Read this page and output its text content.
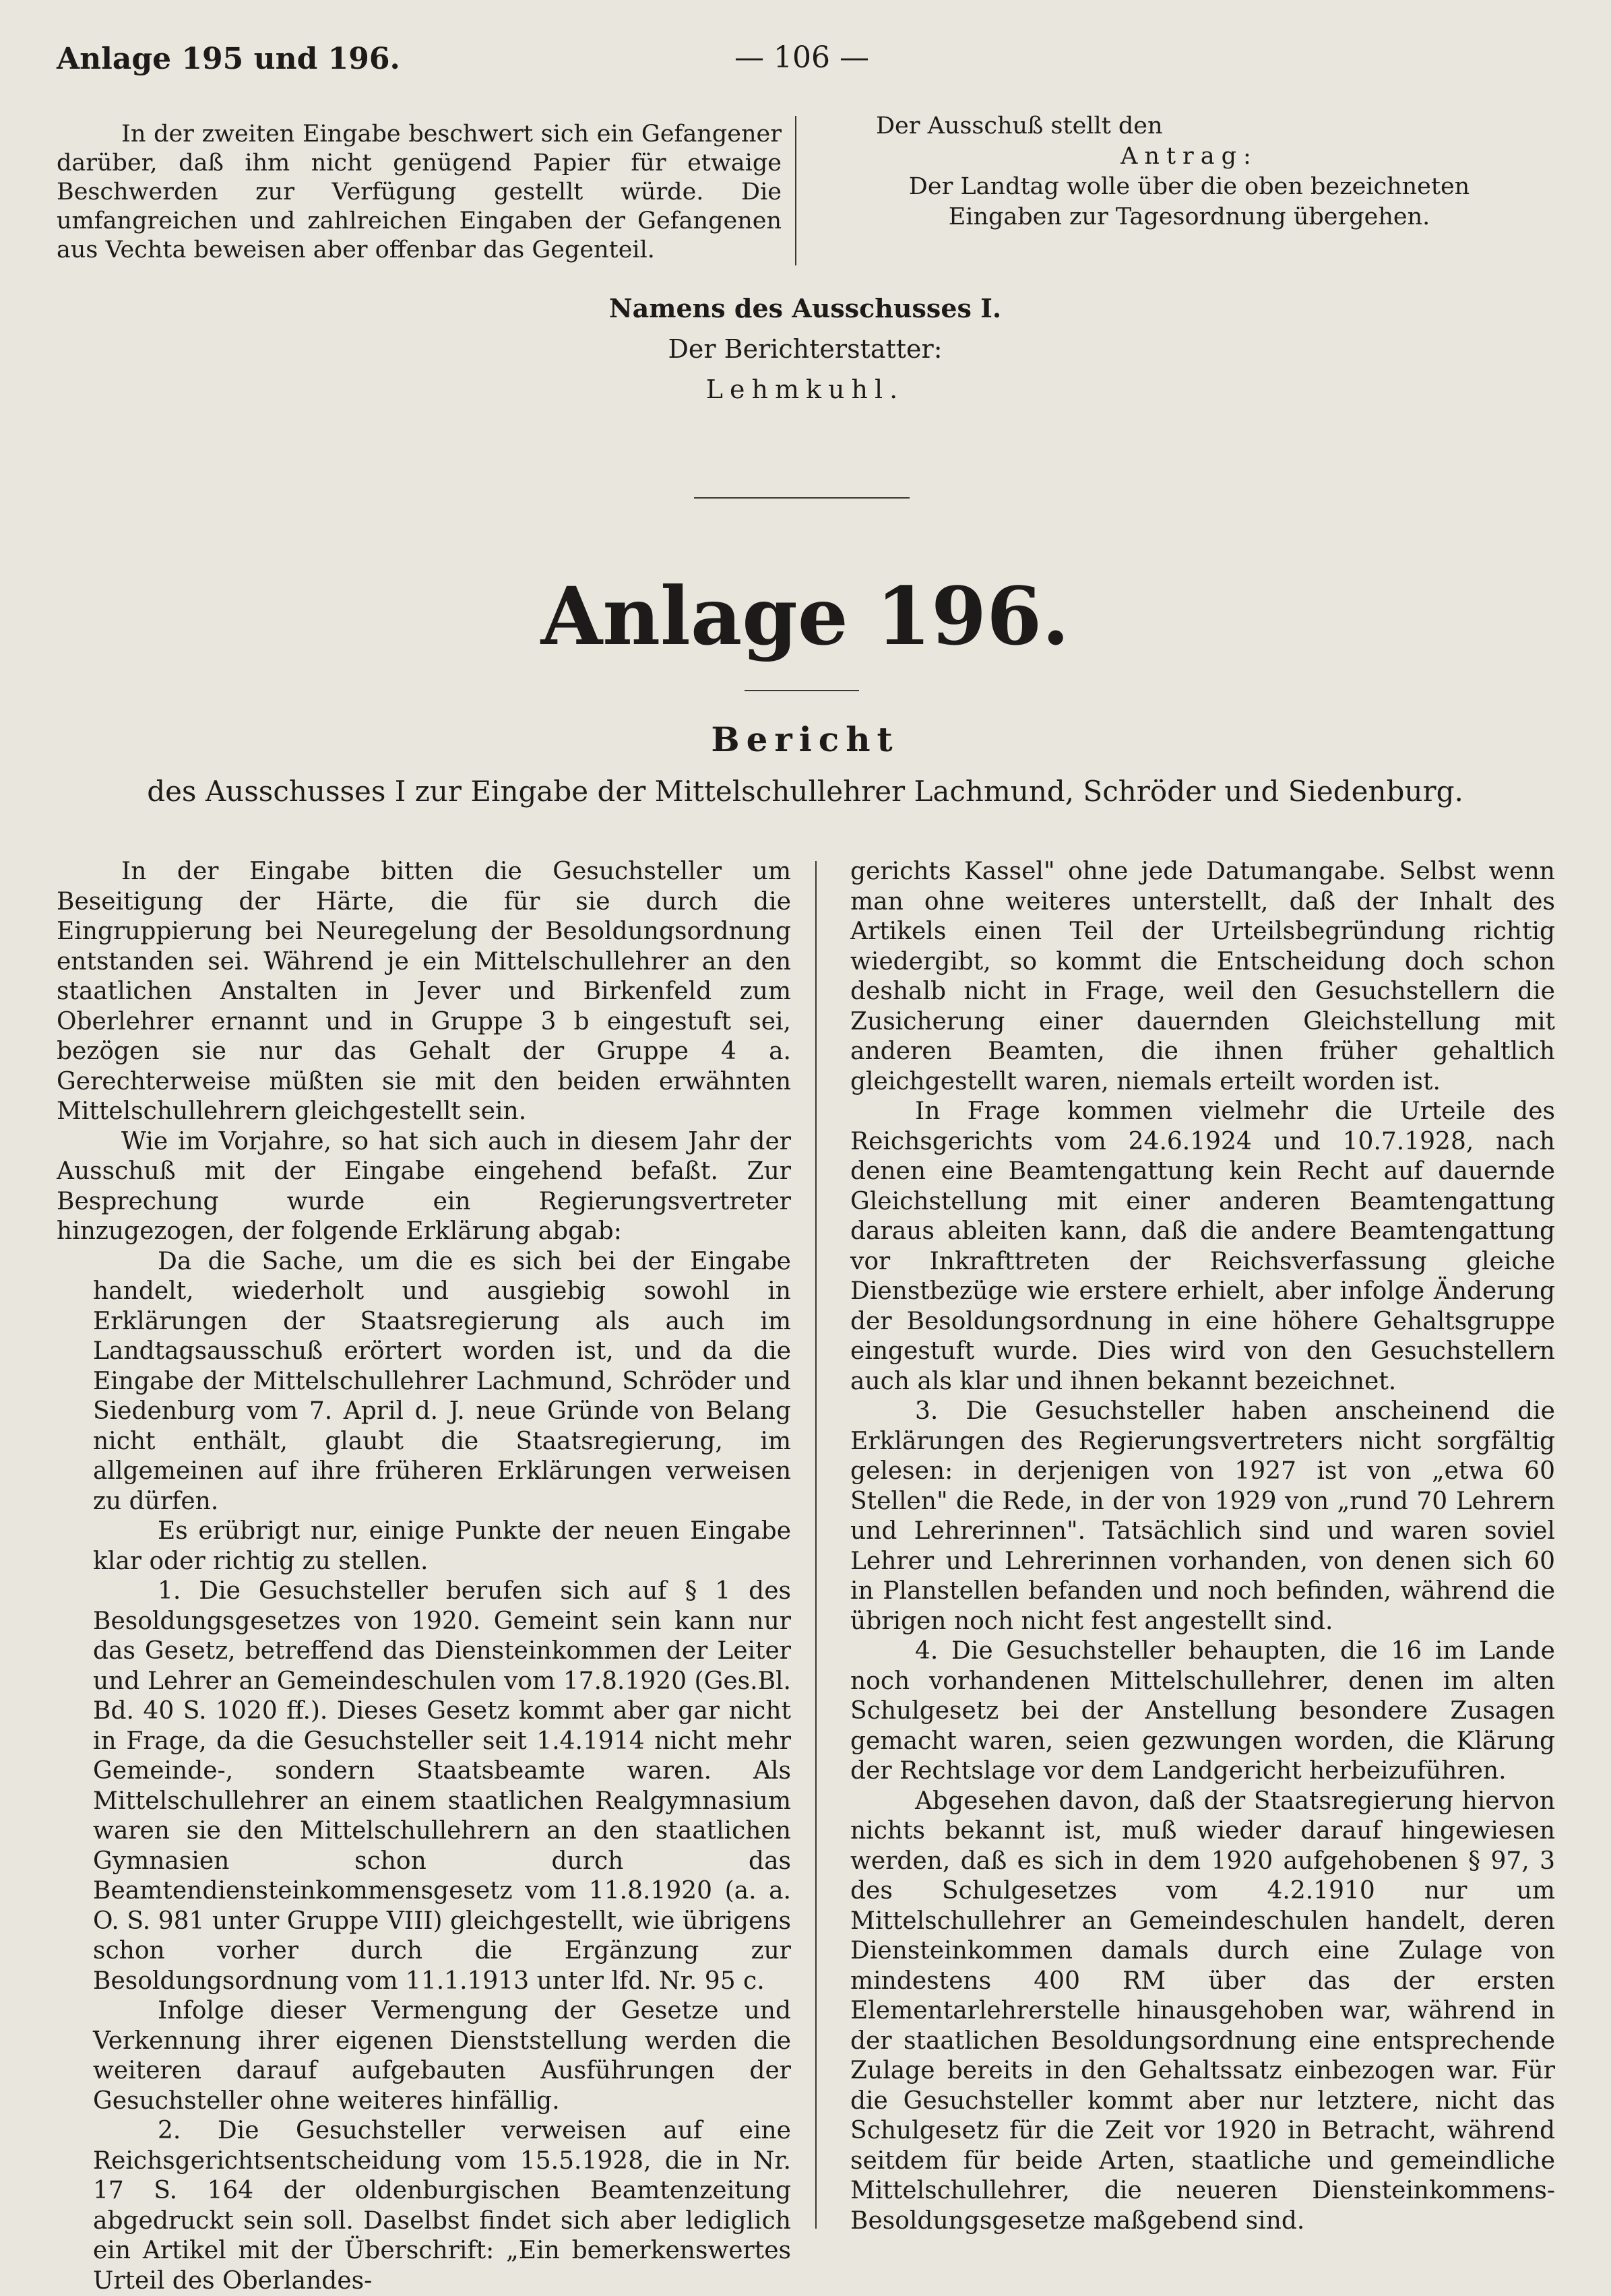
Anlage 195 und 196.	— 106 —

In der zweiten Eingabe beschwert sich ein Gefangener darüber, daß ihm nicht genügend Papier für etwaige Beschwerden zur Verfügung gestellt würde. Die umfangreichen und zahlreichen Eingaben der Gefangenen aus Vechta beweisen aber offenbar das Gegenteil.

Der Ausschuß stellt den
Antrag:
Der Landtag wolle über die oben bezeichneten Eingaben zur Tagesordnung übergehen.
Namens des Ausschusses I.
Der Berichterstatter:
Lehmkuhl.
Anlage 196.
Bericht
des Ausschusses I zur Eingabe der Mittelschullehrer Lachmund, Schröder und Siedenburg.

In der Eingabe bitten die Gesuchsteller um Beseitigung der Härte, die für sie durch die Eingruppierung bei Neuregelung der Besoldungsordnung entstanden sei. Während je ein Mittelschullehrer an den staatlichen Anstalten in Jever und Birkenfeld zum Oberlehrer ernannt und in Gruppe 3 b eingestuft sei, bezögen sie nur das Gehalt der Gruppe 4 a. Gerechterweise müßten sie mit den beiden erwähnten Mittelschullehrern gleichgestellt sein.

Wie im Vorjahre, so hat sich auch in diesem Jahr der Ausschuß mit der Eingabe eingehend befaßt. Zur Besprechung wurde ein Regierungsvertreter hinzugezogen, der folgende Erklärung abgab:

Da die Sache, um die es sich bei der Eingabe handelt, wiederholt und ausgiebig sowohl in Erklärungen der Staatsregierung als auch im Landtagsausschuß erörtert worden ist, und da die Eingabe der Mittelschullehrer Lachmund, Schröder und Siedenburg vom 7. April d. J. neue Gründe von Belang nicht enthält, glaubt die Staatsregierung, im allgemeinen auf ihre früheren Erklärungen verweisen zu dürfen.

Es erübrigt nur, einige Punkte der neuen Eingabe klar oder richtig zu stellen.

1. Die Gesuchsteller berufen sich auf § 1 des Besoldungsgesetzes von 1920. Gemeint sein kann nur das Gesetz, betreffend das Diensteinkommen der Leiter und Lehrer an Gemeindeschulen vom 17.8.1920 (Ges.Bl. Bd. 40 S. 1020 ff.). Dieses Gesetz kommt aber gar nicht in Frage, da die Gesuchsteller seit 1.4.1914 nicht mehr Gemeinde-, sondern Staatsbeamte waren. Als Mittelschullehrer an einem staatlichen Realgymnasium waren sie den Mittelschullehrern an den staatlichen Gymnasien schon durch das Beamtendiensteinkommensgesetz vom 11.8.1920 (a. a. O. S. 981 unter Gruppe VIII) gleichgestellt, wie übrigens schon vorher durch die Ergänzung zur Besoldungsordnung vom 11.1.1913 unter lfd. Nr. 95 c.

Infolge dieser Vermengung der Gesetze und Verkennung ihrer eigenen Dienststellung werden die weiteren darauf aufgebauten Ausführungen der Gesuchsteller ohne weiteres hinfällig.

2. Die Gesuchsteller verweisen auf eine Reichsgerichtsentscheidung vom 15.5.1928, die in Nr. 17 S. 164 der oldenburgischen Beamtenzeitung abgedruckt sein soll. Daselbst findet sich aber lediglich ein Artikel mit der Überschrift: „Ein bemerkenswertes Urteil des Oberlandes-

gerichts Kassel" ohne jede Datumangabe. Selbst wenn man ohne weiteres unterstellt, daß der Inhalt des Artikels einen Teil der Urteilsbegründung richtig wiedergibt, so kommt die Entscheidung doch schon deshalb nicht in Frage, weil den Gesuchstellern die Zusicherung einer dauernden Gleichstellung mit anderen Beamten, die ihnen früher gehaltlich gleichgestellt waren, niemals erteilt worden ist.

In Frage kommen vielmehr die Urteile des Reichsgerichts vom 24.6.1924 und 10.7.1928, nach denen eine Beamtengattung kein Recht auf dauernde Gleichstellung mit einer anderen Beamtengattung daraus ableiten kann, daß die andere Beamtengattung vor Inkrafttreten der Reichsverfassung gleiche Dienstbezüge wie erstere erhielt, aber infolge Änderung der Besoldungsordnung in eine höhere Gehaltsgruppe eingestuft wurde. Dies wird von den Gesuchstellern auch als klar und ihnen bekannt bezeichnet.

3. Die Gesuchsteller haben anscheinend die Erklärungen des Regierungsvertreters nicht sorgfältig gelesen: in derjenigen von 1927 ist von „etwa 60 Stellen" die Rede, in der von 1929 von „rund 70 Lehrern und Lehrerinnen". Tatsächlich sind und waren soviel Lehrer und Lehrerinnen vorhanden, von denen sich 60 in Planstellen befanden und noch befinden, während die übrigen noch nicht fest angestellt sind.

4. Die Gesuchsteller behaupten, die 16 im Lande noch vorhandenen Mittelschullehrer, denen im alten Schulgesetz bei der Anstellung besondere Zusagen gemacht waren, seien gezwungen worden, die Klärung der Rechtslage vor dem Landgericht herbeizuführen.

Abgesehen davon, daß der Staatsregierung hiervon nichts bekannt ist, muß wieder darauf hingewiesen werden, daß es sich in dem 1920 aufgehobenen § 97, 3 des Schulgesetzes vom 4.2.1910 nur um Mittelschullehrer an Gemeindeschulen handelt, deren Diensteinkommen damals durch eine Zulage von mindestens 400 RM über das der ersten Elementarlehrerstelle hinausgehoben war, während in der staatlichen Besoldungsordnung eine entsprechende Zulage bereits in den Gehaltssatz einbezogen war. Für die Gesuchsteller kommt aber nur letztere, nicht das Schulgesetz für die Zeit vor 1920 in Betracht, während seitdem für beide Arten, staatliche und gemeindliche Mittelschullehrer, die neueren Diensteinkommens-Besoldungsgesetze maßgebend sind.
